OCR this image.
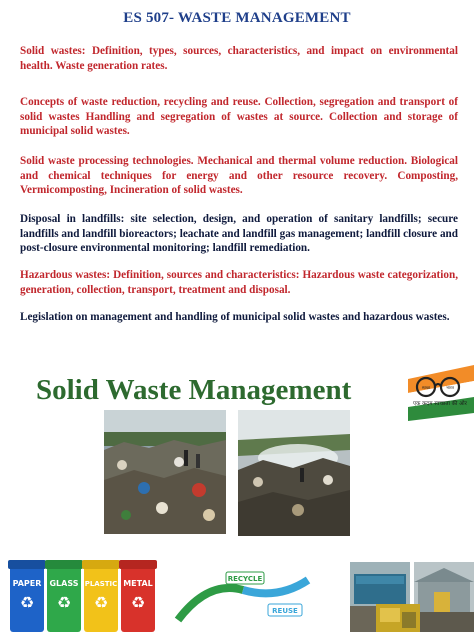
ES 507- WASTE MANAGEMENT
Solid wastes: Definition, types, sources, characteristics, and impact on environmental health. Waste generation rates.
Concepts of waste reduction, recycling and reuse. Collection, segregation and transport of solid wastes Handling and segregation of wastes at source. Collection and storage of municipal solid wastes.
Solid waste processing technologies. Mechanical and thermal volume reduction. Biological and chemical techniques for energy and other resource recovery. Composting, Vermicomposting, Incineration of solid wastes.
Disposal in landfills: site selection, design, and operation of sanitary landfills; secure landfills and landfill bioreactors; leachate and landfill gas management; landfill closure and post-closure environmental monitoring; landfill remediation.
Hazardous wastes: Definition, sources and characteristics: Hazardous waste categorization, generation, collection, transport, treatment and disposal.
Legislation on management and handling of municipal solid wastes and hazardous wastes.
Solid Waste Management	स्वच्छ	भारत
एक कदम स्वच्छता की ओर
PAPER
♻
GLASS
♻
PLASTIC
♻
METAL
♻
RECYCLE
REUSE
